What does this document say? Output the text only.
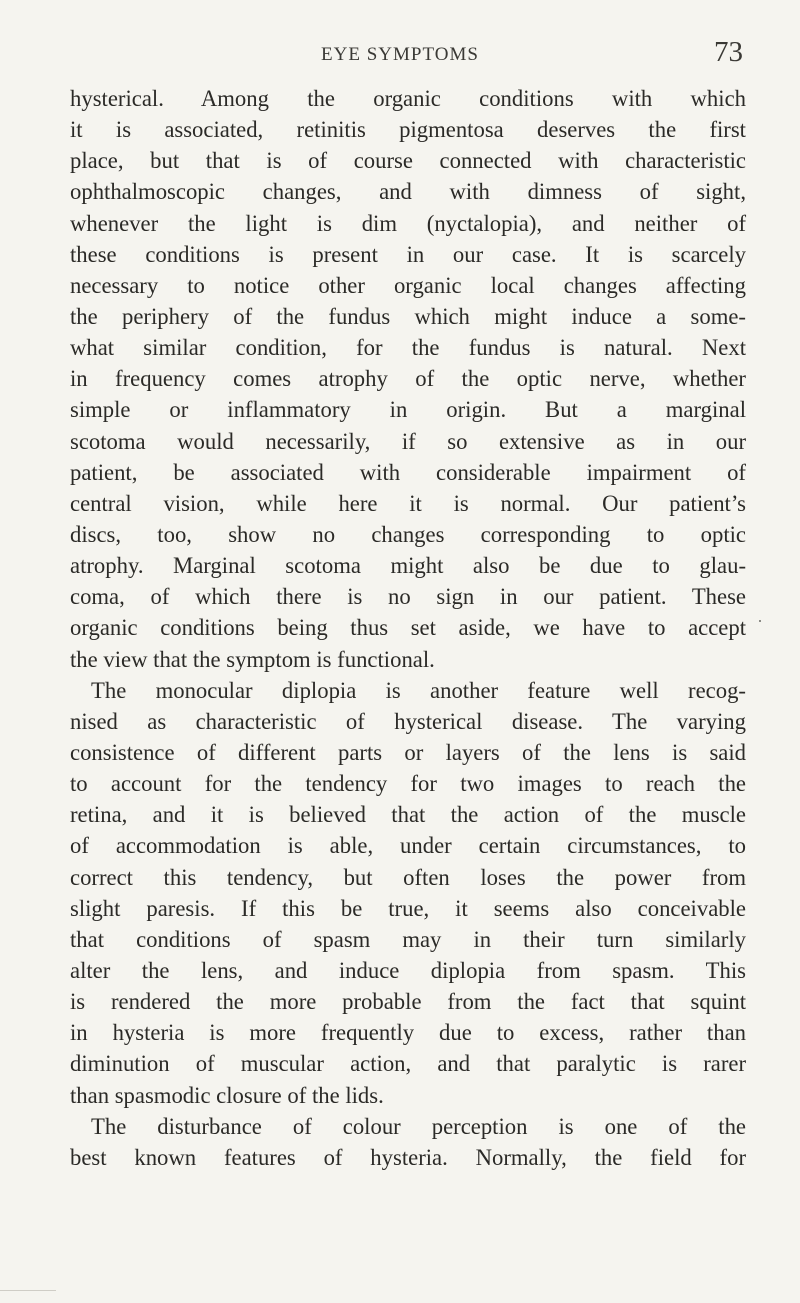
EYE SYMPTOMS	73
hysterical. Among the organic conditions with which
it is associated, retinitis pigmentosa deserves the first
place, but that is of course connected with characteristic
ophthalmoscopic changes, and with dimness of sight,
whenever the light is dim (nyctalopia), and neither of
these conditions is present in our case. It is scarcely
necessary to notice other organic local changes affecting
the periphery of the fundus which might induce a some-
what similar condition, for the fundus is natural. Next
in frequency comes atrophy of the optic nerve, whether
simple or inflammatory in origin. But a marginal
scotoma would necessarily, if so extensive as in our
patient, be associated with considerable impairment of
central vision, while here it is normal. Our patient’s
discs, too, show no changes corresponding to optic
atrophy. Marginal scotoma might also be due to glau-
coma, of which there is no sign in our patient. These
organic conditions being thus set aside, we have to accept
the view that the symptom is functional.
The monocular diplopia is another feature well recog-
nised as characteristic of hysterical disease. The varying
consistence of different parts or layers of the lens is said
to account for the tendency for two images to reach the
retina, and it is believed that the action of the muscle
of accommodation is able, under certain circumstances, to
correct this tendency, but often loses the power from
slight paresis. If this be true, it seems also conceivable
that conditions of spasm may in their turn similarly
alter the lens, and induce diplopia from spasm. This
is rendered the more probable from the fact that squint
in hysteria is more frequently due to excess, rather than
diminution of muscular action, and that paralytic is rarer
than spasmodic closure of the lids.
The disturbance of colour perception is one of the
best known features of hysteria. Normally, the field for
